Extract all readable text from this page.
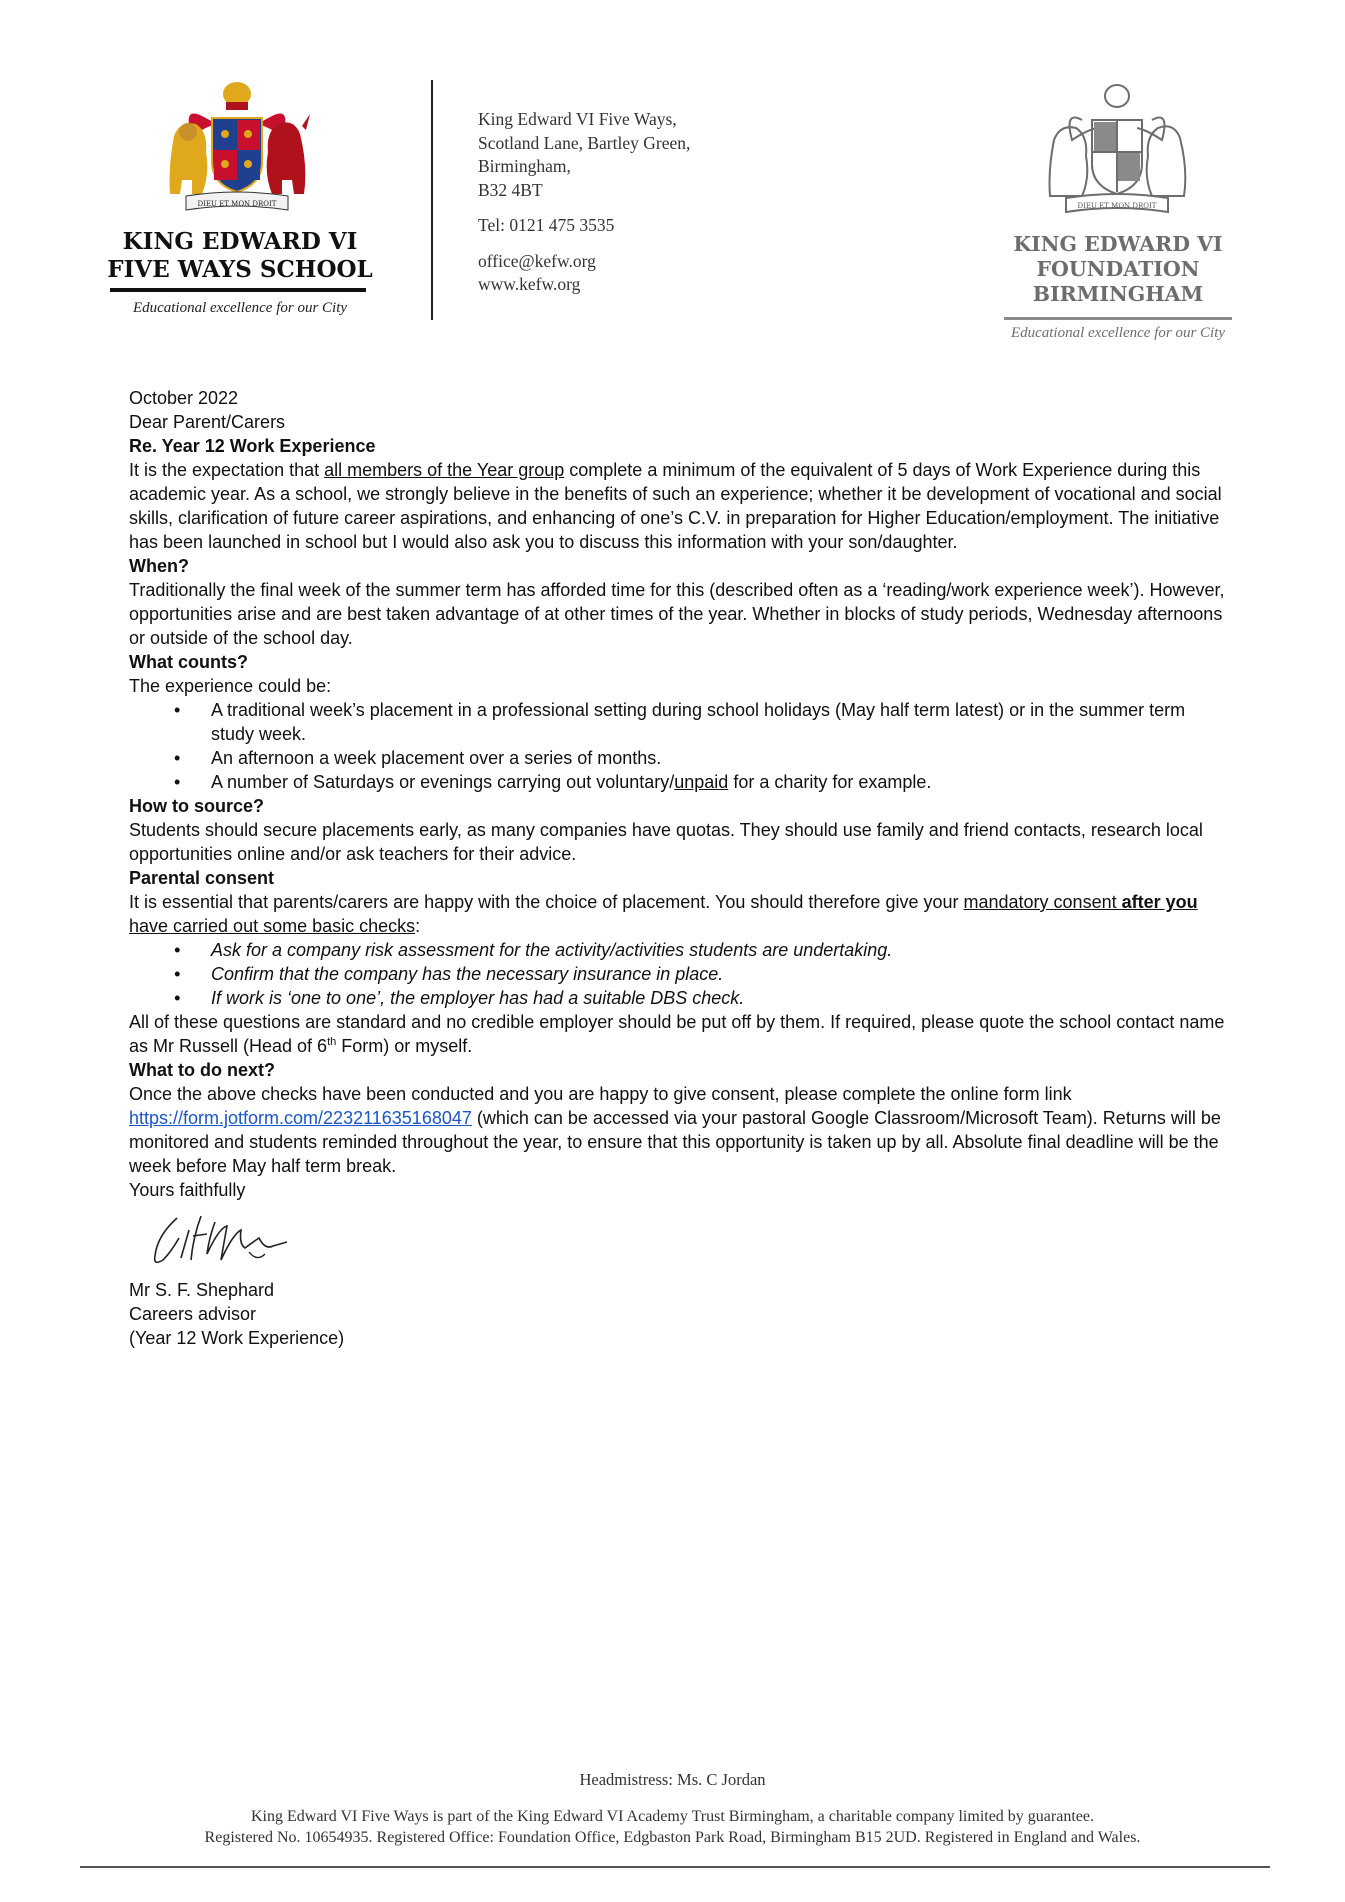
DIEU ET MON DROIT
KING EDWARD VI
FIVE WAYS SCHOOL
Educational excellence for our City
King Edward VI Five Ways,
Scotland Lane, Bartley Green,
Birmingham,
B32 4BT
Tel: 0121 475 3535
office@kefw.org
www.kefw.org
DIEU ET MON DROIT
KING EDWARD VI
FOUNDATION
BIRMINGHAM
Educational excellence for our City

October 2022

Dear Parent/Carers

Re. Year 12 Work Experience

It is the expectation that all members of the Year group complete a minimum of the equivalent of 5 days of Work Experience during this academic year. As a school, we strongly believe in the benefits of such an experience; whether it be development of vocational and social skills, clarification of future career aspirations, and enhancing of one’s C.V. in preparation for Higher Education/employment. The initiative has been launched in school but I would also ask you to discuss this information with your son/daughter.

When?

Traditionally the final week of the summer term has afforded time for this (described often as a ‘reading/work experience week’). However, opportunities arise and are best taken advantage of at other times of the year. Whether in blocks of study periods, Wednesday afternoons or outside of the school day.

What counts?

The experience could be:

• A traditional week’s placement in a professional setting during school holidays (May half term latest) or in the summer term study week.
• An afternoon a week placement over a series of months.
• A number of Saturdays or evenings carrying out voluntary/unpaid for a charity for example.

How to source?

Students should secure placements early, as many companies have quotas. They should use family and friend contacts, research local opportunities online and/or ask teachers for their advice.

Parental consent

It is essential that parents/carers are happy with the choice of placement. You should therefore give your mandatory consent after you have carried out some basic checks:

• Ask for a company risk assessment for the activity/activities students are undertaking.
• Confirm that the company has the necessary insurance in place.
• If work is ‘one to one’, the employer has had a suitable DBS check.

All of these questions are standard and no credible employer should be put off by them. If required, please quote the school contact name as Mr Russell (Head of 6th Form) or myself.

What to do next?

Once the above checks have been conducted and you are happy to give consent, please complete the online form link https://form.jotform.com/223211635168047 (which can be accessed via your pastoral Google Classroom/Microsoft Team). Returns will be monitored and students reminded throughout the year, to ensure that this opportunity is taken up by all. Absolute final deadline will be the week before May half term break.

Yours faithfully

Mr S. F. Shephard

Careers advisor

(Year 12 Work Experience)

Headmistress: Ms. C Jordan
King Edward VI Five Ways is part of the King Edward VI Academy Trust Birmingham, a charitable company limited by guarantee.
Registered No. 10654935. Registered Office: Foundation Office, Edgbaston Park Road, Birmingham B15 2UD. Registered in England and Wales.
